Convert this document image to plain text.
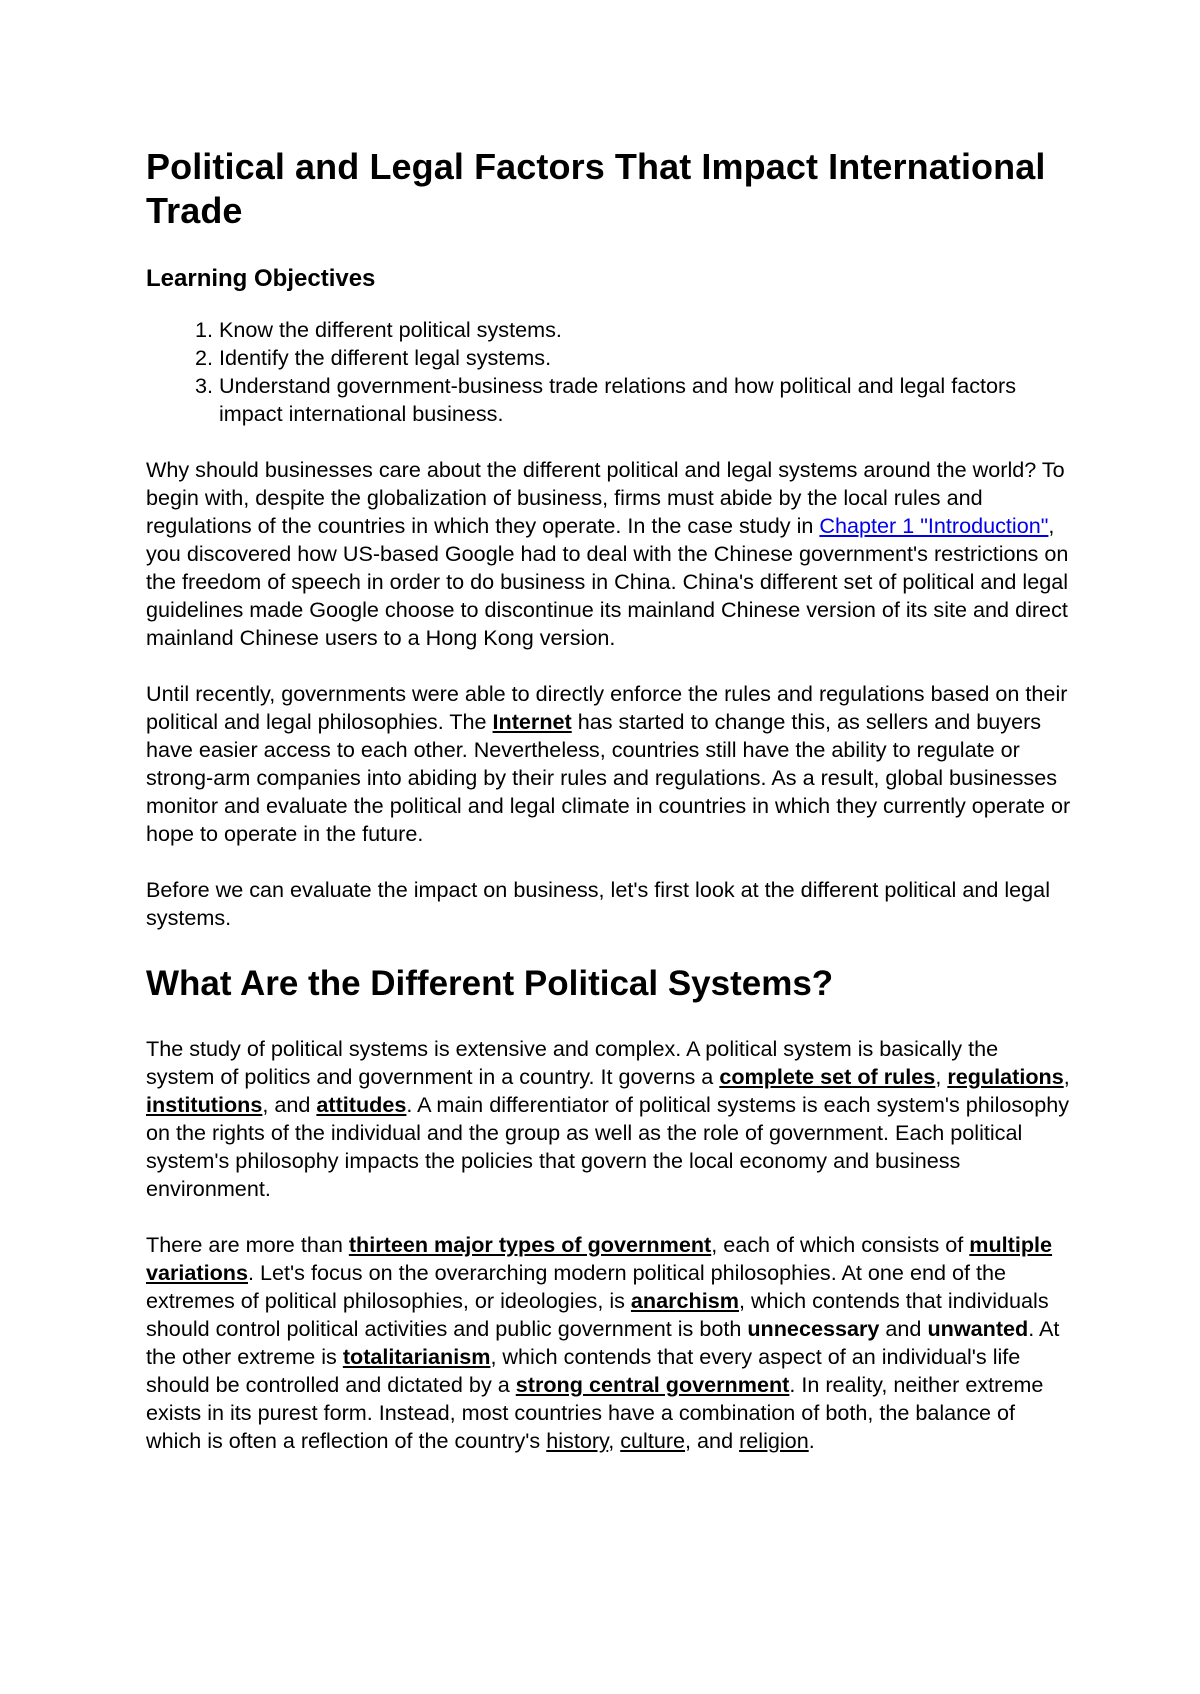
Political and Legal Factors That Impact International Trade
Learning Objectives
1. Know the different political systems.
2. Identify the different legal systems.
3. Understand government-business trade relations and how political and legal factors impact international business.

Why should businesses care about the different political and legal systems around the world? To begin with, despite the globalization of business, firms must abide by the local rules and regulations of the countries in which they operate. In the case study in Chapter 1 "Introduction", you discovered how US-based Google had to deal with the Chinese government's restrictions on the freedom of speech in order to do business in China. China's different set of political and legal guidelines made Google choose to discontinue its mainland Chinese version of its site and direct mainland Chinese users to a Hong Kong version.

Until recently, governments were able to directly enforce the rules and regulations based on their political and legal philosophies. The Internet has started to change this, as sellers and buyers have easier access to each other. Nevertheless, countries still have the ability to regulate or strong-arm companies into abiding by their rules and regulations. As a result, global businesses monitor and evaluate the political and legal climate in countries in which they currently operate or hope to operate in the future.

Before we can evaluate the impact on business, let's first look at the different political and legal systems.

What Are the Different Political Systems?

The study of political systems is extensive and complex. A political system is basically the system of politics and government in a country. It governs a complete set of rules, regulations, institutions, and attitudes. A main differentiator of political systems is each system's philosophy on the rights of the individual and the group as well as the role of government. Each political system's philosophy impacts the policies that govern the local economy and business environment.

There are more than thirteen major types of government, each of which consists of multiple variations. Let's focus on the overarching modern political philosophies. At one end of the extremes of political philosophies, or ideologies, is anarchism, which contends that individuals should control political activities and public government is both unnecessary and unwanted. At the other extreme is totalitarianism, which contends that every aspect of an individual's life should be controlled and dictated by a strong central government. In reality, neither extreme exists in its purest form. Instead, most countries have a combination of both, the balance of which is often a reflection of the country's history, culture, and religion.
